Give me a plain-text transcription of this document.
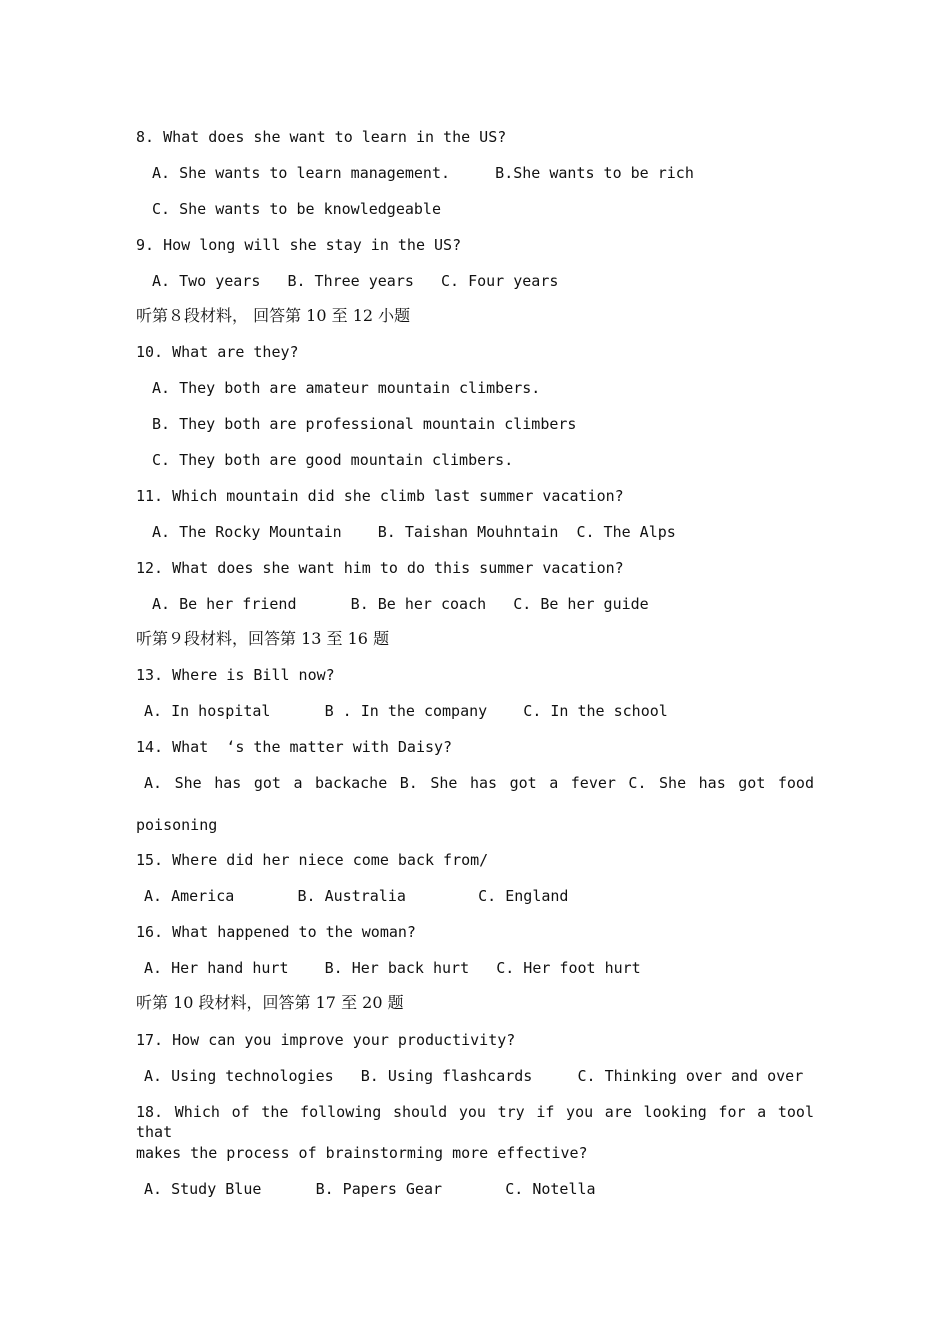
8. What does she want to learn in the US?
A. She wants to learn management.     B.She wants to be rich
C. She wants to be knowledgeable
9. How long will she stay in the US?
A. Two years   B. Three years   C. Four years
听第８段材料， 回答第 10 至 12 小题
10. What are they?
A. They both are amateur mountain climbers.
B. They both are professional mountain climbers
C. They both are good mountain climbers.
11. Which mountain did she climb last summer vacation?
A. The Rocky Mountain    B. Taishan Mouhntain  C. The Alps
12. What does she want him to do this summer vacation?
A. Be her friend      B. Be her coach   C. Be her guide
听第９段材料，回答第 13 至 16 题
13. Where is Bill now?
A. In hospital      B . In the company    C. In the school
14. What  ‘s the matter with Daisy?
A. She has got a backache B. She has got a fever C. She has got food
poisoning
15. Where did her niece come back from/
A. America       B. Australia        C. England
16. What happened to the woman?
A. Her hand hurt    B. Her back hurt   C. Her foot hurt
听第 10 段材料，回答第 17 至 20 题
17. How can you improve your productivity?
A. Using technologies   B. Using flashcards     C. Thinking over and over
18. Which of the following should you try if you are looking for a tool that
makes the process of brainstorming more effective?
A. Study Blue      B. Papers Gear       C. Notella
